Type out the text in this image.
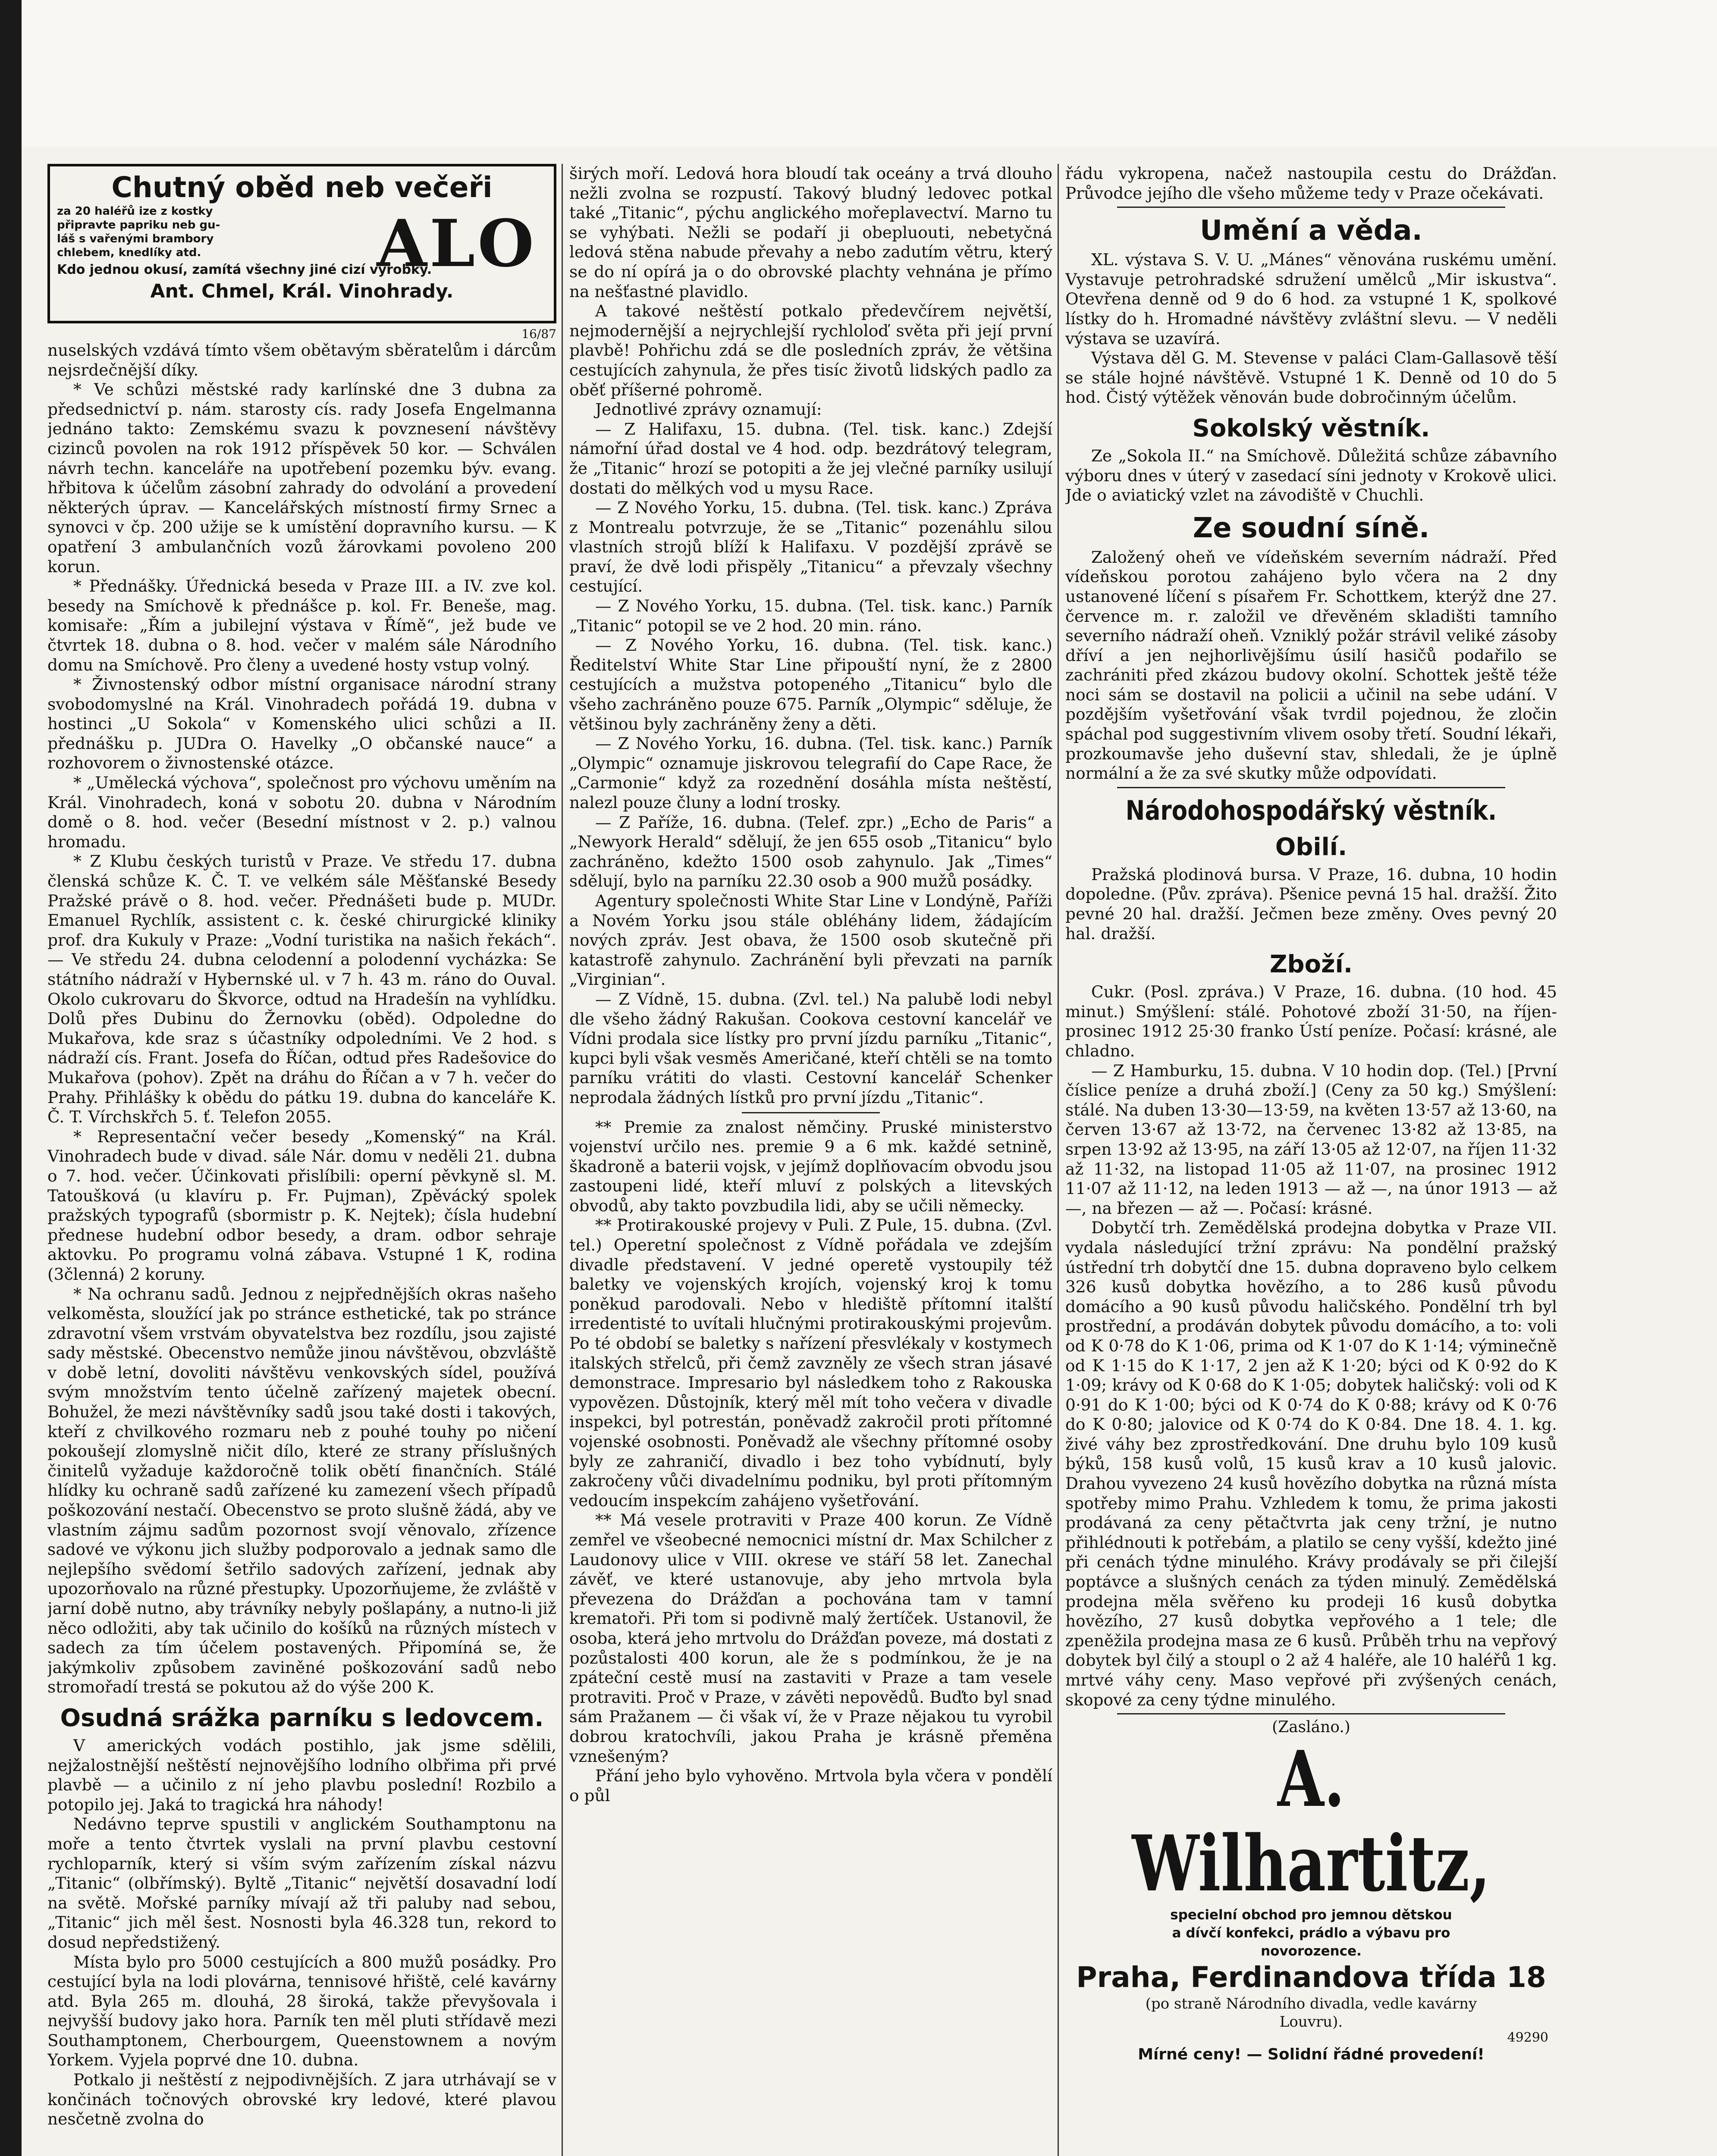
Chutný oběd neb večeři
za 20 haléřů ize z kostky
připravte papriku neb gu-
láš s vařenými brambory
chlebem, knedlíky atd.	ALO
Kdo jednou okusí, zamítá všechny jiné cizí výrobky.
Ant. Chmel, Král. Vinohrady.
16/87

nuselských vzdává tímto všem obětavým sběratelům i dárcům nejsrdečnější díky.

* Ve schůzi městské rady karlínské dne 3 dubna za předsednictví p. nám. starosty cís. rady Josefa Engelmanna jednáno takto: Zemskému svazu k povznesení návštěvy cizinců povolen na rok 1912 příspěvek 50 kor. — Schválen návrh techn. kanceláře na upotřebení pozemku býv. evang. hřbitova k účelům zásobní zahrady do odvolání a provedení některých úprav. — Kancelářských místností firmy Srnec a synovci v čp. 200 užije se k umístění dopravního kursu. — K opatření 3 ambulančních vozů žárovkami povoleno 200 korun.

* Přednášky. Úřednická beseda v Praze III. a IV. zve kol. besedy na Smíchově k přednášce p. kol. Fr. Beneše, mag. komisaře: „Řím a jubilejní výstava v Římě“, jež bude ve čtvrtek 18. dubna o 8. hod. večer v malém sále Národního domu na Smíchově. Pro členy a uvedené hosty vstup volný.

* Živnostenský odbor místní organisace národní strany svobodomyslné na Král. Vinohradech pořádá 19. dubna v hostinci „U Sokola“ v Komenského ulici schůzi a II. přednášku p. JUDra O. Havelky „O občanské nauce“ a rozhovorem o živnostenské otázce.

* „Umělecká výchova“, společnost pro výchovu uměním na Král. Vinohradech, koná v sobotu 20. dubna v Národním domě o 8. hod. večer (Besední místnost v 2. p.) valnou hromadu.

* Z Klubu českých turistů v Praze. Ve středu 17. dubna členská schůze K. Č. T. ve velkém sále Měšťanské Besedy Pražské právě o 8. hod. večer. Přednášeti bude p. MUDr. Emanuel Rychlík, assistent c. k. české chirurgické kliniky prof. dra Kukuly v Praze: „Vodní turistika na našich řekách“. — Ve středu 24. dubna celodenní a polodenní vycházka: Se státního nádraží v Hybernské ul. v 7 h. 43 m. ráno do Ouval. Okolo cukrovaru do Škvorce, odtud na Hradešín na vyhlídku. Dolů přes Dubinu do Žernovku (oběd). Odpoledne do Mukařova, kde sraz s účastníky odpoledními. Ve 2 hod. s nádraží cís. Frant. Josefa do Říčan, odtud přes Radešovice do Mukařova (pohov). Zpět na dráhu do Říčan a v 7 h. večer do Prahy. Přihlášky k obědu do pátku 19. dubna do kanceláře K. Č. T. Vírchskřch 5. ť. Telefon 2055.

* Representační večer besedy „Komenský“ na Král. Vinohradech bude v divad. sále Nár. domu v neděli 21. dubna o 7. hod. večer. Účinkovati přislíbili: operní pěvkyně sl. M. Tatoušková (u klavíru p. Fr. Pujman), Zpěvácký spolek pražských typografů (sbormistr p. K. Nejtek); čísla hudební přednese hudební odbor besedy, a dram. odbor sehraje aktovku. Po programu volná zábava. Vstupné 1 K, rodina (3členná) 2 koruny.

* Na ochranu sadů. Jednou z nejpřednějších okras našeho velkoměsta, sloužící jak po stránce esthetické, tak po stránce zdravotní všem vrstvám obyvatelstva bez rozdílu, jsou zajisté sady městské. Obecenstvo nemůže jinou návštěvou, obzvláště v době letní, dovoliti návštěvu venkovských sídel, používá svým množstvím tento účelně zařízený majetek obecní. Bohužel, že mezi návštěvníky sadů jsou také dosti i takových, kteří z chvilkového rozmaru neb z pouhé touhy po ničení pokoušejí zlomyslně ničit dílo, které ze strany příslušných činitelů vyžaduje každoročně tolik obětí finančních. Stálé hlídky ku ochraně sadů zařízené ku zamezení všech případů poškozování nestačí. Obecenstvo se proto slušně žádá, aby ve vlastním zájmu sadům pozornost svojí věnovalo, zřízence sadové ve výkonu jich služby podporovalo a jednak samo dle nejlepšího svědomí šetřilo sadových zařízení, jednak aby upozorňovalo na různé přestupky. Upozorňujeme, že zvláště v jarní době nutno, aby trávníky nebyly pošlapány, a nutno-li již něco odložiti, aby tak učinilo do košíků na různých místech v sadech za tím účelem postavených. Připomíná se, že jakýmkoliv způsobem zaviněné poškozování sadů nebo stromořadí trestá se pokutou až do výše 200 K.

Osudná srážka parníku s ledovcem.

V amerických vodách postihlo, jak jsme sdělili, nejžalostnější neštěstí nejnovějšího lodního olbřima při prvé plavbě — a učinilo z ní jeho plavbu poslední! Rozbilo a potopilo jej. Jaká to tragická hra náhody!

Nedávno teprve spustili v anglickém Southamptonu na moře a tento čtvrtek vyslali na první plavbu cestovní rychloparník, který si vším svým zařízením získal názvu „Titanic“ (olbřímský). Byltě „Titanic“ největší dosavadní lodí na světě. Mořské parníky mívají až tři paluby nad sebou, „Titanic“ jich měl šest. Nosnosti byla 46.328 tun, rekord to dosud nepředstižený.

Místa bylo pro 5000 cestujících a 800 mužů posádky. Pro cestující byla na lodi plovárna, tennisové hřiště, celé kavárny atd. Byla 265 m. dlouhá, 28 široká, takže převyšovala i nejvyšší budovy jako hora. Parník ten měl pluti střídavě mezi Southamptonem, Cherbourgem, Queenstownem a novým Yorkem. Vyjela poprvé dne 10. dubna.

Potkalo ji neštěstí z nejpodivnějších. Z jara utrhávají se v končinách točnových obrovské kry ledové, které plavou nesčetně zvolna do

širých moří. Ledová hora bloudí tak oceány a trvá dlouho nežli zvolna se rozpustí. Takový bludný ledovec potkal také „Titanic“, pýchu anglického mořeplavectví. Marno tu se vyhýbati. Nežli se podaří ji obepluouti, nebetyčná ledová stěna nabude převahy a nebo zadutím větru, který se do ní opírá ja o do obrovské plachty vehnána je přímo na nešťastné plavidlo.

A takové neštěstí potkalo předevčírem největší, nejmodernější a nejrychlejší rychloloď světa při její první plavbě! Pohřichu zdá se dle posledních zpráv, že většina cestujících zahynula, že přes tisíc životů lidských padlo za oběť příšerné pohromě.

Jednotlivé zprávy oznamují:

— Z Halifaxu, 15. dubna. (Tel. tisk. kanc.) Zdejší námořní úřad dostal ve 4 hod. odp. bezdrátový telegram, že „Titanic“ hrozí se potopiti a že jej vlečné parníky usilují dostati do mělkých vod u mysu Race.

— Z Nového Yorku, 15. dubna. (Tel. tisk. kanc.) Zpráva z Montrealu potvrzuje, že se „Titanic“ pozenáhlu silou vlastních strojů blíží k Halifaxu. V pozdější zprávě se praví, že dvě lodi přispěly „Titanicu“ a převzaly všechny cestující.

— Z Nového Yorku, 15. dubna. (Tel. tisk. kanc.) Parník „Titanic“ potopil se ve 2 hod. 20 min. ráno.

— Z Nového Yorku, 16. dubna. (Tel. tisk. kanc.) Ředitelství White Star Line připouští nyní, že z 2800 cestujících a mužstva potopeného „Titanicu“ bylo dle všeho zachráněno pouze 675. Parník „Olympic“ sděluje, že většinou byly zachráněny ženy a děti.

— Z Nového Yorku, 16. dubna. (Tel. tisk. kanc.) Parník „Olympic“ oznamuje jiskrovou telegrafií do Cape Race, že „Carmonie“ když za rozednění dosáhla místa neštěstí, nalezl pouze čluny a lodní trosky.

— Z Paříže, 16. dubna. (Telef. zpr.) „Echo de Paris“ a „Newyork Herald“ sdělují, že jen 655 osob „Titanicu“ bylo zachráněno, kdežto 1500 osob zahynulo. Jak „Times“ sdělují, bylo na parníku 22.30 osob a 900 mužů posádky.

Agentury společnosti White Star Line v Londýně, Paříži a Novém Yorku jsou stále obléhány lidem, žádajícím nových zpráv. Jest obava, že 1500 osob skutečně při katastrofě zahynulo. Zachránění byli převzati na parník „Virginian“.

— Z Vídně, 15. dubna. (Zvl. tel.) Na palubě lodi nebyl dle všeho žádný Rakušan. Cookova cestovní kancelář ve Vídni prodala sice lístky pro první jízdu parníku „Titanic“, kupci byli však vesměs Američané, kteří chtěli se na tomto parníku vrátiti do vlasti. Cestovní kancelář Schenker neprodala žádných lístků pro první jízdu „Titanic“.

** Premie za znalost němčiny. Pruské ministerstvo vojenství určilo nes. premie 9 a 6 mk. každé setnině, škadroně a baterii vojsk, v jejímž doplňovacím obvodu jsou zastoupeni lidé, kteří mluví z polských a litevských obvodů, aby takto povzbudila lidi, aby se učili německy.

** Protirakouské projevy v Puli. Z Pule, 15. dubna. (Zvl. tel.) Operetní společnost z Vídně pořádala ve zdejším divadle představení. V jedné operetě vystoupily též baletky ve vojenských krojích, vojenský kroj k tomu poněkud parodovali. Nebo v hlediště přítomní italští irredentisté to uvítali hlučnými protirakouskými projevům. Po té období se baletky s nařízení přesvlékaly v kostymech italských střelců, při čemž zavzněly ze všech stran jásavé demonstrace. Impresario byl následkem toho z Rakouska vypovězen. Důstojník, který měl mít toho večera v divadle inspekci, byl potrestán, poněvadž zakročil proti přítomné vojenské osobnosti. Poněvadž ale všechny přítomné osoby byly ze zahraničí, divadlo i bez toho vybídnutí, byly zakročeny vůči divadelnímu podniku, byl proti přítomným vedoucím inspekcím zahájeno vyšetřování.

** Má vesele protraviti v Praze 400 korun. Ze Vídně zemřel ve všeobecné nemocnici místní dr. Max Schilcher z Laudonovy ulice v VIII. okrese ve stáří 58 let. Zanechal závěť, ve které ustanovuje, aby jeho mrtvola byla převezena do Drážďan a pochována tam v tamní krematoři. Při tom si podivně malý žertíček. Ustanovil, že osoba, která jeho mrtvolu do Drážďan poveze, má dostati z pozůstalosti 400 korun, ale že s podmínkou, že je na zpáteční cestě musí na zastaviti v Praze a tam vesele protraviti. Proč v Praze, v závěti nepovědů. Buďto byl snad sám Pražanem — či však ví, že v Praze nějakou tu vyrobil dobrou kratochvíli, jakou Praha je krásně přeměna vznešeným?

Přání jeho bylo vyhověno. Mrtvola byla včera v pondělí o půl

řádu vykropena, načež nastoupila cestu do Drážďan. Průvodce jejího dle všeho můžeme tedy v Praze očekávati.

Umění a věda.

XL. výstava S. V. U. „Mánes“ věnována ruskému umění. Vystavuje petrohradské sdružení umělců „Mir iskustva“. Otevřena denně od 9 do 6 hod. za vstupné 1 K, spolkové lístky do h. Hromadné návštěvy zvláštní slevu. — V neděli výstava se uzavírá.

Výstava děl G. M. Stevense v paláci Clam-Gallasově těší se stále hojné návštěvě. Vstupné 1 K. Denně od 10 do 5 hod. Čistý výtěžek věnován bude dobročinným účelům.

Sokolský věstník.

Ze „Sokola II.“ na Smíchově. Důležitá schůze zábavního výboru dnes v úterý v zasedací síni jednoty v Krokově ulici. Jde o aviatický vzlet na závodiště v Chuchli.

Ze soudní síně.

Založený oheň ve vídeňském severním nádraží. Před vídeňskou porotou zahájeno bylo včera na 2 dny ustanovené líčení s písařem Fr. Schottkem, kterýž dne 27. července m. r. založil ve dřevěném skladišti tamního severního nádraží oheň. Vzniklý požár strávil veliké zásoby dříví a jen nejhorlivějšímu úsilí hasičů podařilo se zachrániti před zkázou budovy okolní. Schottek ještě téže noci sám se dostavil na policii a učinil na sebe udání. V pozdějším vyšetřování však tvrdil pojednou, že zločin spáchal pod suggestivním vlivem osoby třetí. Soudní lékaři, prozkoumavše jeho duševní stav, shledali, že je úplně normální a že za své skutky může odpovídati.

Národohospodářský věstník.
Obilí.

Pražská plodinová bursa. V Praze, 16. dubna, 10 hodin dopoledne. (Pův. zpráva). Pšenice pevná 15 hal. dražší. Žito pevné 20 hal. dražší. Ječmen beze změny. Oves pevný 20 hal. dražší.

Zboží.

Cukr. (Posl. zpráva.) V Praze, 16. dubna. (10 hod. 45 minut.) Smýšlení: stálé. Pohotové zboží 31·50, na říjen-prosinec 1912 25·30 franko Ústí peníze. Počasí: krásné, ale chladno.

— Z Hamburku, 15. dubna. V 10 hodin dop. (Tel.) [První číslice peníze a druhá zboží.] (Ceny za 50 kg.) Smýšlení: stálé. Na duben 13·30—13·59, na květen 13·57 až 13·60, na červen 13·67 až 13·72, na červenec 13·82 až 13·85, na srpen 13·92 až 13·95, na září 13·05 až 12·07, na říjen 11·32 až 11·32, na listopad 11·05 až 11·07, na prosinec 1912 11·07 až 11·12, na leden 1913 — až —, na únor 1913 — až —, na březen — až —. Počasí: krásné.

Dobytčí trh. Zemědělská prodejna dobytka v Praze VII. vydala následující tržní zprávu: Na pondělní pražský ústřední trh dobytčí dne 15. dubna dopraveno bylo celkem 326 kusů dobytka hovězího, a to 286 kusů původu domácího a 90 kusů původu haličského. Pondělní trh byl prostřední, a prodáván dobytek původu domácího, a to: voli od K 0·78 do K 1·06, prima od K 1·07 do K 1·14; výminečně od K 1·15 do K 1·17, 2 jen až K 1·20; býci od K 0·92 do K 1·09; krávy od K 0·68 do K 1·05; dobytek haličský: voli od K 0·91 do K 1·00; býci od K 0·74 do K 0·88; krávy od K 0·76 do K 0·80; jalovice od K 0·74 do K 0·84. Dne 18. 4. 1. kg. živé váhy bez zprostředkování. Dne druhu bylo 109 kusů býků, 158 kusů volů, 15 kusů krav a 10 kusů jalovic. Drahou vyvezeno 24 kusů hovězího dobytka na různá místa spotřeby mimo Prahu. Vzhledem k tomu, že prima jakosti prodávaná za ceny pětačtvrta jak ceny tržní, je nutno přihlédnouti k potřebám, a platilo se ceny vyšší, kdežto jiné při cenách týdne minulého. Krávy prodávaly se při čilejší poptávce a slušných cenách za týden minulý. Zemědělská prodejna měla svěřeno ku prodeji 16 kusů dobytka hovězího, 27 kusů dobytka vepřového a 1 tele; dle zpeněžila prodejna masa ze 6 kusů. Průběh trhu na vepřový dobytek byl čilý a stoupl o 2 až 4 haléře, ale 10 haléřů 1 kg. mrtvé váhy ceny. Maso vepřové při zvýšených cenách, skopové za ceny týdne minulého.

(Zasláno.)
A. Wilhartitz,
specielní obchod pro jemnou dětskou
a dívčí konfekci, prádlo a výbavu pro
novorozence.
Praha, Ferdinandova třída 18
(po straně Národního divadla, vedle kavárny
Louvru).
49290
Mírné ceny! — Solidní řádné provedení!
